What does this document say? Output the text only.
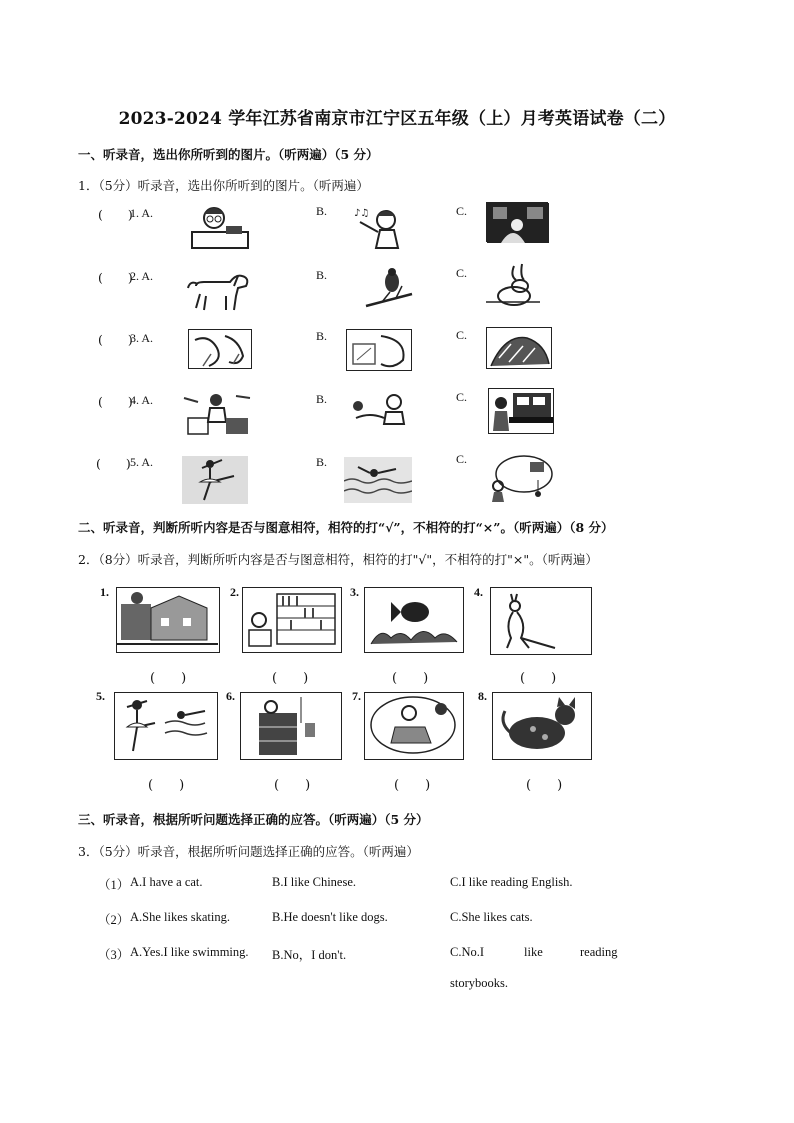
2023-2024 学年江苏省南京市江宁区五年级（上）月考英语试卷（二）
一、听录音，选出你所听到的图片。（听两遍）（5 分）
1．（5分）听录音，选出你所听到的图片。（听两遍）
(　　)
1. A.	B.	♪♫	C.
(　　)
2. A.	B.	C.
(　　)
3. A.	B.	C.
(　　)
4. A.	B.	C.
(　　) 5. A.	B.	C.
二、听录音，判断所听内容是否与图意相符，相符的打“√”，不相符的打“×”。（听两遍）（8 分）
2．（8分）听录音，判断所听内容是否与图意相符，相符的打"√"，不相符的打"×"。（听两遍）
1.	2.	3.	4.
(　　)	(　　)	(　　)	(　　)
5.	6.	7.	8.
(　　)	(　　)	(　　)	(　　)
三、听录音，根据所听问题选择正确的应答。（听两遍）（5 分）
3．（5分）听录音，根据所听问题选择正确的应答。（听两遍）
（1） A.I have a cat.	B.I like Chinese.	C.I like reading English.
（2） A.She likes skating.	B.He doesn't like dogs.	C.She likes cats.
（3） A.Yes.I like swimming. B.No，I don't.	C.No.I	like	reading
storybooks.
